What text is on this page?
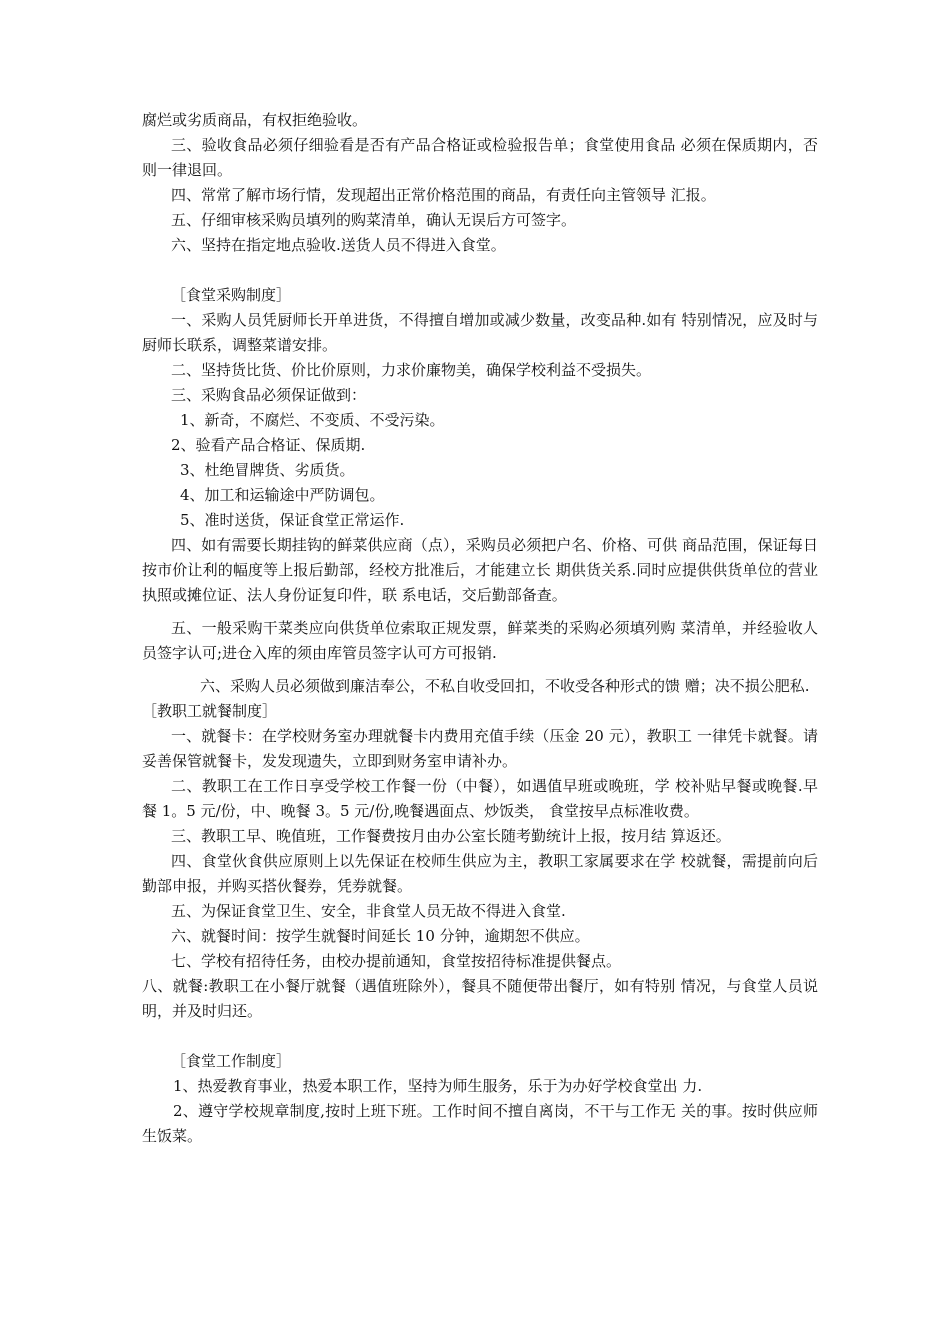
腐烂或劣质商品，有权拒绝验收。

三、验收食品必须仔细验看是否有产品合格证或检验报告单；食堂使用食品 必须在保质期内，否则一律退回。

四、常常了解市场行情，发现超出正常价格范围的商品，有责任向主管领导 汇报。

五、仔细审核采购员填列的购菜清单，确认无误后方可签字。

六、坚持在指定地点验收.送货人员不得进入食堂。

［食堂采购制度］

一、采购人员凭厨师长开单进货，不得擅自增加或减少数量，改变品种.如有 特别情况，应及时与厨师长联系，调整菜谱安排。

二、坚持货比货、价比价原则，力求价廉物美，确保学校利益不受损失。

三、采购食品必须保证做到：

1、新奇，不腐烂、不变质、不受污染。

2、验看产品合格证、保质期.

3、杜绝冒牌货、劣质货。

4、加工和运输途中严防调包。

5、准时送货，保证食堂正常运作.

四、如有需要长期挂钩的鲜菜供应商（点），采购员必须把户名、价格、可供 商品范围，保证每日按市价让利的幅度等上报后勤部，经校方批准后，才能建立长 期供货关系.同时应提供供货单位的营业执照或摊位证、法人身份证复印件，联 系电话，交后勤部备查。

五、一般采购干菜类应向供货单位索取正规发票，鲜菜类的采购必须填列购 菜清单，并经验收人员签字认可;进仓入库的须由库管员签字认可方可报销.

六、采购人员必须做到廉洁奉公，不私自收受回扣，不收受各种形式的馈 赠；决不损公肥私.

［教职工就餐制度］

一、就餐卡：在学校财务室办理就餐卡内费用充值手续（压金 20 元），教职工 一律凭卡就餐。请妥善保管就餐卡，发发现遗失，立即到财务室申请补办。

二、教职工在工作日享受学校工作餐一份（中餐），如遇值早班或晚班，学 校补贴早餐或晚餐.早餐 1。5 元/份，中、晚餐 3。5 元/份,晚餐遇面点、炒饭类， 食堂按早点标准收费。

三、教职工早、晚值班，工作餐费按月由办公室长随考勤统计上报，按月结 算返还。

四、食堂伙食供应原则上以先保证在校师生供应为主，教职工家属要求在学 校就餐，需提前向后勤部申报，并购买搭伙餐券，凭券就餐。

五、为保证食堂卫生、安全，非食堂人员无故不得进入食堂.

六、就餐时间：按学生就餐时间延长 10 分钟，逾期恕不供应。

七、学校有招待任务，由校办提前通知，食堂按招待标准提供餐点。

八、就餐:教职工在小餐厅就餐（遇值班除外），餐具不随便带出餐厅，如有特别 情况，与食堂人员说明，并及时归还。

［食堂工作制度］

1、热爱教育事业，热爱本职工作，坚持为师生服务，乐于为办好学校食堂出 力.

2、遵守学校规章制度,按时上班下班。工作时间不擅自离岗，不干与工作无 关的事。按时供应师生饭菜。
